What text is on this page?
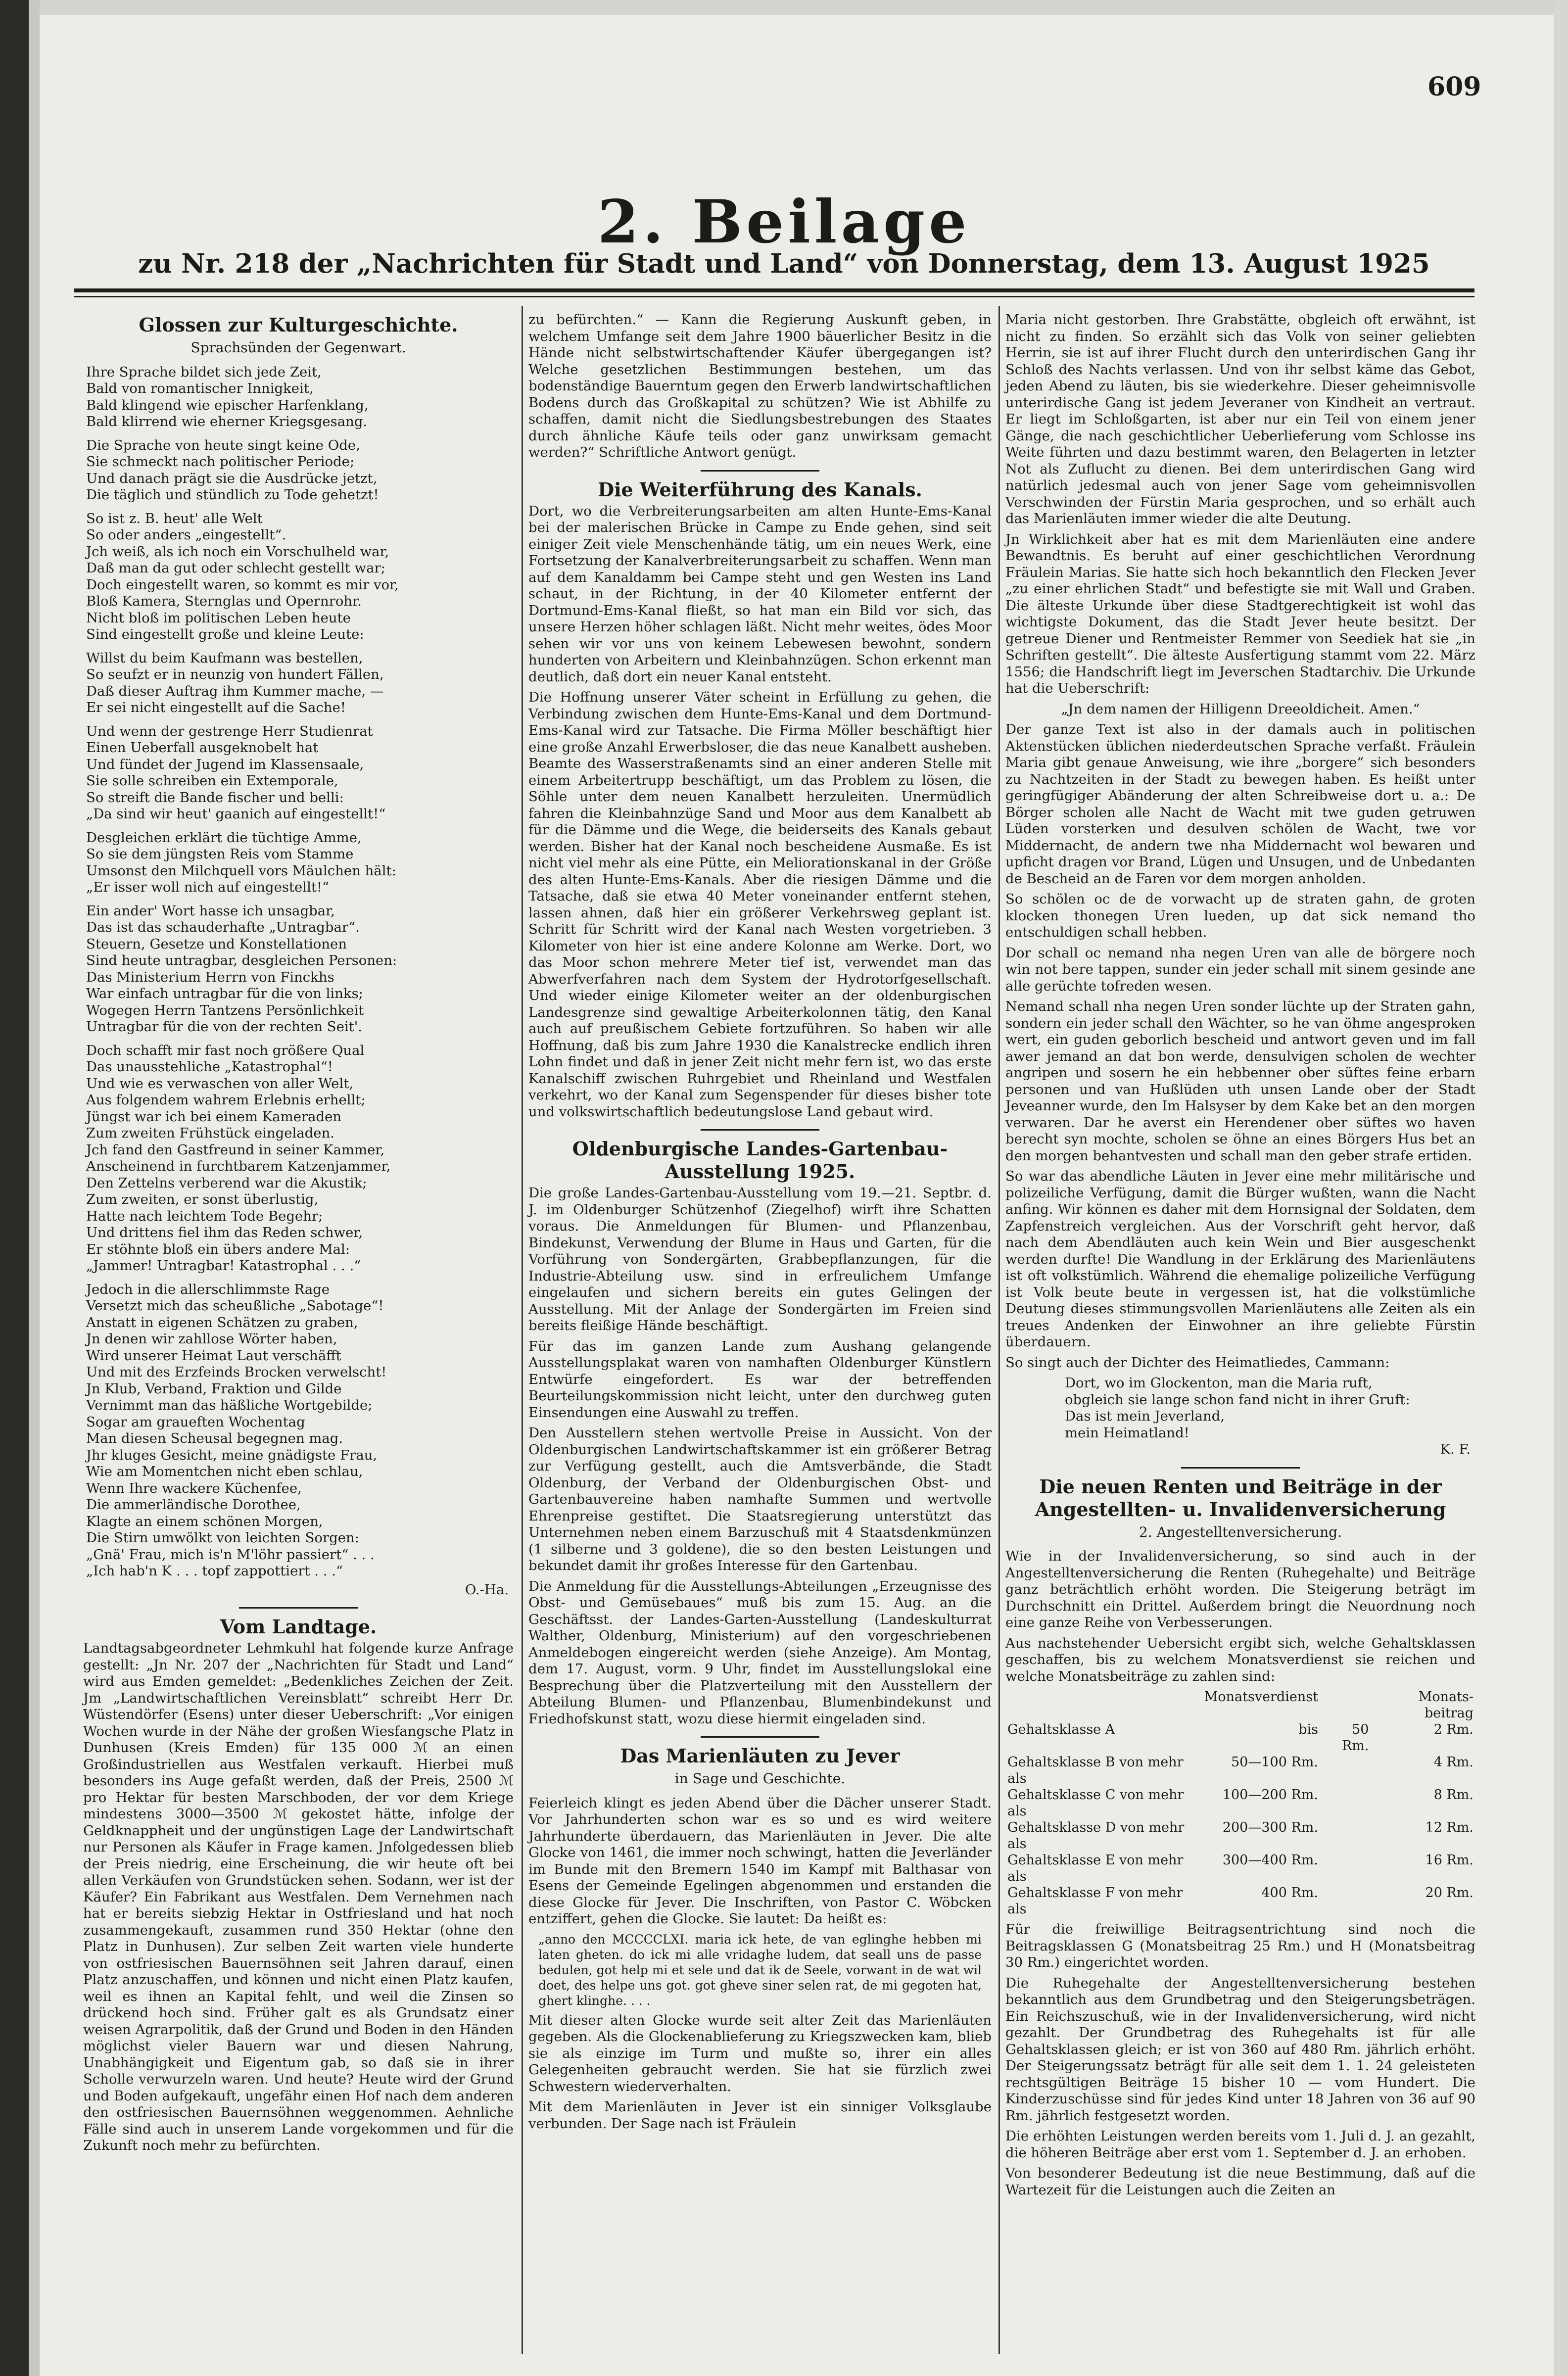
609
2. Beilage
zu Nr. 218 der „Nachrichten für Stadt und Land“ von Donnerstag, dem 13. August 1925
Glossen zur Kulturgeschichte.
Sprachsünden der Gegenwart.
Ihre Sprache bildet sich jede Zeit,
Bald von romantischer Innigkeit,
Bald klingend wie epischer Harfenklang,
Bald klirrend wie eherner Kriegsgesang.
Die Sprache von heute singt keine Ode,
Sie schmeckt nach politischer Periode;
Und danach prägt sie die Ausdrücke jetzt,
Die täglich und stündlich zu Tode gehetzt!
So ist z. B. heut' alle Welt
So oder anders „eingestellt“.
Jch weiß, als ich noch ein Vorschulheld war,
Daß man da gut oder schlecht gestellt war;
Doch eingestellt waren, so kommt es mir vor,
Bloß Kamera, Sternglas und Opernrohr.
Nicht bloß im politischen Leben heute
Sind eingestellt große und kleine Leute:
Willst du beim Kaufmann was bestellen,
So seufzt er in neunzig von hundert Fällen,
Daß dieser Auftrag ihm Kummer mache, —
Er sei nicht eingestellt auf die Sache!
Und wenn der gestrenge Herr Studienrat
Einen Ueberfall ausgeknobelt hat
Und fündet der Jugend im Klassensaale,
Sie solle schreiben ein Extemporale,
So streift die Bande fischer und belli:
„Da sind wir heut' gaanich auf eingestellt!“
Desgleichen erklärt die tüchtige Amme,
So sie dem jüngsten Reis vom Stamme
Umsonst den Milchquell vors Mäulchen hält:
„Er isser woll nich auf eingestellt!“
Ein ander' Wort hasse ich unsagbar,
Das ist das schauderhafte „Untragbar“.
Steuern, Gesetze und Konstellationen
Sind heute untragbar, desgleichen Personen:
Das Ministerium Herrn von Finckhs
War einfach untragbar für die von links;
Wogegen Herrn Tantzens Persönlichkeit
Untragbar für die von der rechten Seit'.
Doch schafft mir fast noch größere Qual
Das unausstehliche „Katastrophal“!
Und wie es verwaschen von aller Welt,
Aus folgendem wahrem Erlebnis erhellt;
Jüngst war ich bei einem Kameraden
Zum zweiten Frühstück eingeladen.
Jch fand den Gastfreund in seiner Kammer,
Anscheinend in furchtbarem Katzenjammer,
Den Zettelns verberend war die Akustik;
Zum zweiten, er sonst überlustig,
Hatte nach leichtem Tode Begehr;
Und drittens fiel ihm das Reden schwer,
Er stöhnte bloß ein übers andere Mal:
„Jammer! Untragbar! Katastrophal . . .“
Jedoch in die allerschlimmste Rage
Versetzt mich das scheußliche „Sabotage“!
Anstatt in eigenen Schätzen zu graben,
Jn denen wir zahllose Wörter haben,
Wird unserer Heimat Laut verschäfft
Und mit des Erzfeinds Brocken verwelscht!
Jn Klub, Verband, Fraktion und Gilde
Vernimmt man das häßliche Wortgebilde;
Sogar am graueften Wochentag
Man diesen Scheusal begegnen mag.
Jhr kluges Gesicht, meine gnädigste Frau,
Wie am Momentchen nicht eben schlau,
Wenn Ihre wackere Küchenfee,
Die ammerländische Dorothee,
Klagte an einem schönen Morgen,
Die Stirn umwölkt von leichten Sorgen:
„Gnä' Frau, mich is'n M'löhr passiert“ . . .
„Ich hab'n K . . . topf zappottiert . . .“
O.-Ha.
Vom Landtage.

Landtagsabgeordneter Lehmkuhl hat folgende kurze Anfrage gestellt: „Jn Nr. 207 der „Nachrichten für Stadt und Land“ wird aus Emden gemeldet: „Bedenkliches Zeichen der Zeit. Jm „Landwirtschaftlichen Vereinsblatt“ schreibt Herr Dr. Wüstendörfer (Esens) unter dieser Ueberschrift: „Vor einigen Wochen wurde in der Nähe der großen Wiesfangsche Platz in Dunhusen (Kreis Emden) für 135 000 ℳ an einen Großindustriellen aus Westfalen verkauft. Hierbei muß besonders ins Auge gefaßt werden, daß der Preis, 2500 ℳ pro Hektar für besten Marschboden, der vor dem Kriege mindestens 3000—3500 ℳ gekostet hätte, infolge der Geldknappheit und der ungünstigen Lage der Landwirtschaft nur Personen als Käufer in Frage kamen. Jnfolgedessen blieb der Preis niedrig, eine Erscheinung, die wir heute oft bei allen Verkäufen von Grundstücken sehen. Sodann, wer ist der Käufer? Ein Fabrikant aus Westfalen. Dem Vernehmen nach hat er bereits siebzig Hektar in Ostfriesland und hat noch zusammengekauft, zusammen rund 350 Hektar (ohne den Platz in Dunhusen). Zur selben Zeit warten viele hunderte von ostfriesischen Bauernsöhnen seit Jahren darauf, einen Platz anzuschaffen, und können und nicht einen Platz kaufen, weil es ihnen an Kapital fehlt, und weil die Zinsen so drückend hoch sind. Früher galt es als Grundsatz einer weisen Agrarpolitik, daß der Grund und Boden in den Händen möglichst vieler Bauern war und diesen Nahrung, Unabhängigkeit und Eigentum gab, so daß sie in ihrer Scholle verwurzeln waren. Und heute? Heute wird der Grund und Boden aufgekauft, ungefähr einen Hof nach dem anderen den ostfriesischen Bauernsöhnen weggenommen. Aehnliche Fälle sind auch in unserem Lande vorgekommen und für die Zukunft noch mehr zu befürchten.

zu befürchten.“ — Kann die Regierung Auskunft geben, in welchem Umfange seit dem Jahre 1900 bäuerlicher Besitz in die Hände nicht selbstwirtschaftender Käufer übergegangen ist? Welche gesetzlichen Bestimmungen bestehen, um das bodenständige Bauerntum gegen den Erwerb landwirtschaftlichen Bodens durch das Großkapital zu schützen? Wie ist Abhilfe zu schaffen, damit nicht die Siedlungsbestrebungen des Staates durch ähnliche Käufe teils oder ganz unwirksam gemacht werden?“ Schriftliche Antwort genügt.

Die Weiterführung des Kanals.

Dort, wo die Verbreiterungsarbeiten am alten Hunte-Ems-Kanal bei der malerischen Brücke in Campe zu Ende gehen, sind seit einiger Zeit viele Menschenhände tätig, um ein neues Werk, eine Fortsetzung der Kanalverbreiterungsarbeit zu schaffen. Wenn man auf dem Kanaldamm bei Campe steht und gen Westen ins Land schaut, in der Richtung, in der 40 Kilometer entfernt der Dortmund-Ems-Kanal fließt, so hat man ein Bild vor sich, das unsere Herzen höher schlagen läßt. Nicht mehr weites, ödes Moor sehen wir vor uns von keinem Lebewesen bewohnt, sondern hunderten von Arbeitern und Kleinbahnzügen. Schon erkennt man deutlich, daß dort ein neuer Kanal entsteht.

Die Hoffnung unserer Väter scheint in Erfüllung zu gehen, die Verbindung zwischen dem Hunte-Ems-Kanal und dem Dortmund-Ems-Kanal wird zur Tatsache. Die Firma Möller beschäftigt hier eine große Anzahl Erwerbsloser, die das neue Kanalbett ausheben. Beamte des Wasserstraßenamts sind an einer anderen Stelle mit einem Arbeitertrupp beschäftigt, um das Problem zu lösen, die Söhle unter dem neuen Kanalbett herzuleiten. Unermüdlich fahren die Kleinbahnzüge Sand und Moor aus dem Kanalbett ab für die Dämme und die Wege, die beiderseits des Kanals gebaut werden. Bisher hat der Kanal noch bescheidene Ausmaße. Es ist nicht viel mehr als eine Pütte, ein Meliorationskanal in der Größe des alten Hunte-Ems-Kanals. Aber die riesigen Dämme und die Tatsache, daß sie etwa 40 Meter voneinander entfernt stehen, lassen ahnen, daß hier ein größerer Verkehrsweg geplant ist. Schritt für Schritt wird der Kanal nach Westen vorgetrieben. 3 Kilometer von hier ist eine andere Kolonne am Werke. Dort, wo das Moor schon mehrere Meter tief ist, verwendet man das Abwerfverfahren nach dem System der Hydrotorfgesellschaft. Und wieder einige Kilometer weiter an der oldenburgischen Landesgrenze sind gewaltige Arbeiterkolonnen tätig, den Kanal auch auf preußischem Gebiete fortzuführen. So haben wir alle Hoffnung, daß bis zum Jahre 1930 die Kanalstrecke endlich ihren Lohn findet und daß in jener Zeit nicht mehr fern ist, wo das erste Kanalschiff zwischen Ruhrgebiet und Rheinland und Westfalen verkehrt, wo der Kanal zum Segenspender für dieses bisher tote und volkswirtschaftlich bedeutungslose Land gebaut wird.

Oldenburgische Landes-Gartenbau-Ausstellung 1925.

Die große Landes-Gartenbau-Ausstellung vom 19.—21. Septbr. d. J. im Oldenburger Schützenhof (Ziegelhof) wirft ihre Schatten voraus. Die Anmeldungen für Blumen- und Pflanzenbau, Bindekunst, Verwendung der Blume in Haus und Garten, für die Vorführung von Sondergärten, Grabbepflanzungen, für die Industrie-Abteilung usw. sind in erfreulichem Umfange eingelaufen und sichern bereits ein gutes Gelingen der Ausstellung. Mit der Anlage der Sondergärten im Freien sind bereits fleißige Hände beschäftigt.

Für das im ganzen Lande zum Aushang gelangende Ausstellungsplakat waren von namhaften Oldenburger Künstlern Entwürfe eingefordert. Es war der betreffenden Beurteilungskommission nicht leicht, unter den durchweg guten Einsendungen eine Auswahl zu treffen.

Den Ausstellern stehen wertvolle Preise in Aussicht. Von der Oldenburgischen Landwirtschaftskammer ist ein größerer Betrag zur Verfügung gestellt, auch die Amtsverbände, die Stadt Oldenburg, der Verband der Oldenburgischen Obst- und Gartenbauvereine haben namhafte Summen und wertvolle Ehrenpreise gestiftet. Die Staatsregierung unterstützt das Unternehmen neben einem Barzuschuß mit 4 Staatsdenkmünzen (1 silberne und 3 goldene), die so den besten Leistungen und bekundet damit ihr großes Interesse für den Gartenbau.

Die Anmeldung für die Ausstellungs-Abteilungen „Erzeugnisse des Obst- und Gemüsebaues“ muß bis zum 15. Aug. an die Geschäftsst. der Landes-Garten-Ausstellung (Landeskulturrat Walther, Oldenburg, Ministerium) auf den vorgeschriebenen Anmeldebogen eingereicht werden (siehe Anzeige). Am Montag, dem 17. August, vorm. 9 Uhr, findet im Ausstellungslokal eine Besprechung über die Platzverteilung mit den Ausstellern der Abteilung Blumen- und Pflanzenbau, Blumenbindekunst und Friedhofskunst statt, wozu diese hiermit eingeladen sind.

Das Marienläuten zu Jever
in Sage und Geschichte.

Feierleich klingt es jeden Abend über die Dächer unserer Stadt. Vor Jahrhunderten schon war es so und es wird weitere Jahrhunderte überdauern, das Marienläuten in Jever. Die alte Glocke von 1461, die immer noch schwingt, hatten die Jeverländer im Bunde mit den Bremern 1540 im Kampf mit Balthasar von Esens der Gemeinde Egelingen abgenommen und erstanden die diese Glocke für Jever. Die Inschriften, von Pastor C. Wöbcken entziffert, gehen die Glocke. Sie lautet: Da heißt es:

„anno den MCCCCLXI. maria ick hete, de van eglinghe hebben mi laten gheten. do ick mi alle vridaghe ludem, dat seall uns de passe bedulen, got help mi et sele und dat ik de Seele, vorwant in de wat wil doet, des helpe uns got. got gheve siner selen rat, de mi gegoten hat, ghert klinghe. . . .

Mit dieser alten Glocke wurde seit alter Zeit das Marienläuten gegeben. Als die Glockenablieferung zu Kriegszwecken kam, blieb sie als einzige im Turm und mußte so, ihrer ein alles Gelegenheiten gebraucht werden. Sie hat sie fürzlich zwei Schwestern wiederverhalten.

Mit dem Marienläuten in Jever ist ein sinniger Volksglaube verbunden. Der Sage nach ist Fräulein

Maria nicht gestorben. Ihre Grabstätte, obgleich oft erwähnt, ist nicht zu finden. So erzählt sich das Volk von seiner geliebten Herrin, sie ist auf ihrer Flucht durch den unterirdischen Gang ihr Schloß des Nachts verlassen. Und von ihr selbst käme das Gebot, jeden Abend zu läuten, bis sie wiederkehre. Dieser geheimnisvolle unterirdische Gang ist jedem Jeveraner von Kindheit an vertraut. Er liegt im Schloßgarten, ist aber nur ein Teil von einem jener Gänge, die nach geschichtlicher Ueberlieferung vom Schlosse ins Weite führten und dazu bestimmt waren, den Belagerten in letzter Not als Zuflucht zu dienen. Bei dem unterirdischen Gang wird natürlich jedesmal auch von jener Sage vom geheimnisvollen Verschwinden der Fürstin Maria gesprochen, und so erhält auch das Marienläuten immer wieder die alte Deutung.

Jn Wirklichkeit aber hat es mit dem Marienläuten eine andere Bewandtnis. Es beruht auf einer geschichtlichen Verordnung Fräulein Marias. Sie hatte sich hoch bekanntlich den Flecken Jever „zu einer ehrlichen Stadt“ und befestigte sie mit Wall und Graben. Die älteste Urkunde über diese Stadtgerechtigkeit ist wohl das wichtigste Dokument, das die Stadt Jever heute besitzt. Der getreue Diener und Rentmeister Remmer von Seediek hat sie „in Schriften gestellt“. Die älteste Ausfertigung stammt vom 22. März 1556; die Handschrift liegt im Jeverschen Stadtarchiv. Die Urkunde hat die Ueberschrift:

„Jn dem namen der Hilligenn Dreeoldicheit. Amen.“

Der ganze Text ist also in der damals auch in politischen Aktenstücken üblichen niederdeutschen Sprache verfaßt. Fräulein Maria gibt genaue Anweisung, wie ihre „borgere“ sich besonders zu Nachtzeiten in der Stadt zu bewegen haben. Es heißt unter geringfügiger Abänderung der alten Schreibweise dort u. a.: De Börger scholen alle Nacht de Wacht mit twe guden getruwen Lüden vorsterken und desulven schölen de Wacht, twe vor Middernacht, de andern twe nha Middernacht wol bewaren und upficht dragen vor Brand, Lügen und Unsugen, und de Unbedanten de Bescheid an de Faren vor dem morgen anholden.

So schölen oc de de vorwacht up de straten gahn, de groten klocken thonegen Uren lueden, up dat sick nemand tho entschuldigen schall hebben.

Dor schall oc nemand nha negen Uren van alle de börgere noch win not bere tappen, sunder ein jeder schall mit sinem gesinde ane alle gerüchte tofreden wesen.

Nemand schall nha negen Uren sonder lüchte up der Straten gahn, sondern ein jeder schall den Wächter, so he van öhme angesproken wert, ein guden geborlich bescheid und antwort geven und im fall awer jemand an dat bon werde, densulvigen scholen de wechter angripen und sosern he ein hebbenner ober süftes feine erbarn personen und van Hußlüden uth unsen Lande ober der Stadt Jeveanner wurde, den Im Halsyser by dem Kake bet an den morgen verwaren. Dar he averst ein Herendener ober süftes wo haven berecht syn mochte, scholen se öhne an eines Börgers Hus bet an den morgen behantvesten und schall man den geber strafe ertiden.

So war das abendliche Läuten in Jever eine mehr militärische und polizeiliche Verfügung, damit die Bürger wußten, wann die Nacht anfing. Wir können es daher mit dem Hornsignal der Soldaten, dem Zapfenstreich vergleichen. Aus der Vorschrift geht hervor, daß nach dem Abendläuten auch kein Wein und Bier ausgeschenkt werden durfte! Die Wandlung in der Erklärung des Marienläutens ist oft volkstümlich. Während die ehemalige polizeiliche Verfügung ist Volk beute beute in vergessen ist, hat die volkstümliche Deutung dieses stimmungsvollen Marienläutens alle Zeiten als ein treues Andenken der Einwohner an ihre geliebte Fürstin überdauern.

So singt auch der Dichter des Heimatliedes, Cammann:

Dort, wo im Glockenton, man die Maria ruft,
obgleich sie lange schon fand nicht in ihrer Gruft:
Das ist mein Jeverland,
mein Heimatland!
K. F.
Die neuen Renten und Beiträge in der Angestellten- u. Invalidenversicherung
2. Angestelltenversicherung.

Wie in der Invalidenversicherung, so sind auch in der Angestelltenversicherung die Renten (Ruhegehalte) und Beiträge ganz beträchtlich erhöht worden. Die Steigerung beträgt im Durchschnitt ein Drittel. Außerdem bringt die Neuordnung noch eine ganze Reihe von Verbesserungen.

Aus nachstehender Uebersicht ergibt sich, welche Gehaltsklassen geschaffen, bis zu welchem Monatsverdienst sie reichen und welche Monatsbeiträge zu zahlen sind:

	Monatsverdienst		Monats-beitrag
Gehaltsklasse A	bis	50 Rm.	2 Rm.
Gehaltsklasse B von mehr als	50—100 Rm.		4 Rm.
Gehaltsklasse C von mehr als	100—200 Rm.		8 Rm.
Gehaltsklasse D von mehr als	200—300 Rm.		12 Rm.
Gehaltsklasse E von mehr als	300—400 Rm.		16 Rm.
Gehaltsklasse F von mehr als	400 Rm.		20 Rm.

Für die freiwillige Beitragsentrichtung sind noch die Beitragsklassen G (Monatsbeitrag 25 Rm.) und H (Monatsbeitrag 30 Rm.) eingerichtet worden.

Die Ruhegehalte der Angestelltenversicherung bestehen bekanntlich aus dem Grundbetrag und den Steigerungsbeträgen. Ein Reichszuschuß, wie in der Invalidenversicherung, wird nicht gezahlt. Der Grundbetrag des Ruhegehalts ist für alle Gehaltsklassen gleich; er ist von 360 auf 480 Rm. jährlich erhöht. Der Steigerungssatz beträgt für alle seit dem 1. 1. 24 geleisteten rechtsgültigen Beiträge 15 bisher 10 — vom Hundert. Die Kinderzuschüsse sind für jedes Kind unter 18 Jahren von 36 auf 90 Rm. jährlich festgesetzt worden.

Die erhöhten Leistungen werden bereits vom 1. Juli d. J. an gezahlt, die höheren Beiträge aber erst vom 1. September d. J. an erhoben.

Von besonderer Bedeutung ist die neue Bestimmung, daß auf die Wartezeit für die Leistungen auch die Zeiten an
